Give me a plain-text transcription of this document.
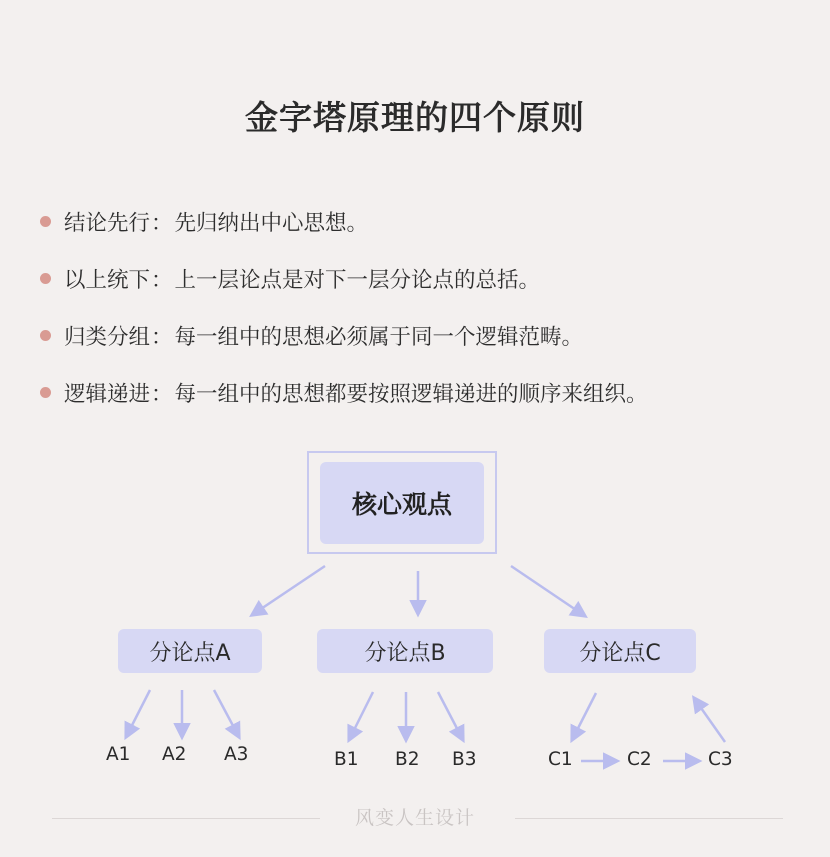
金字塔原理的四个原则
结论先行 ： 先归纳出中心思想。
以上统下 ： 上一层论点是对下一层分论点的总括。
归类分组 ： 每一组中的思想必须属于同一个逻辑范畴。
逻辑递进 ： 每一组中的思想都要按照逻辑递进的顺序来组织。
核心观点
分论点A	分论点B	分论点C
A1 A2 A3	B1 B2 B3	C1	C2	C3
风变人生设计
